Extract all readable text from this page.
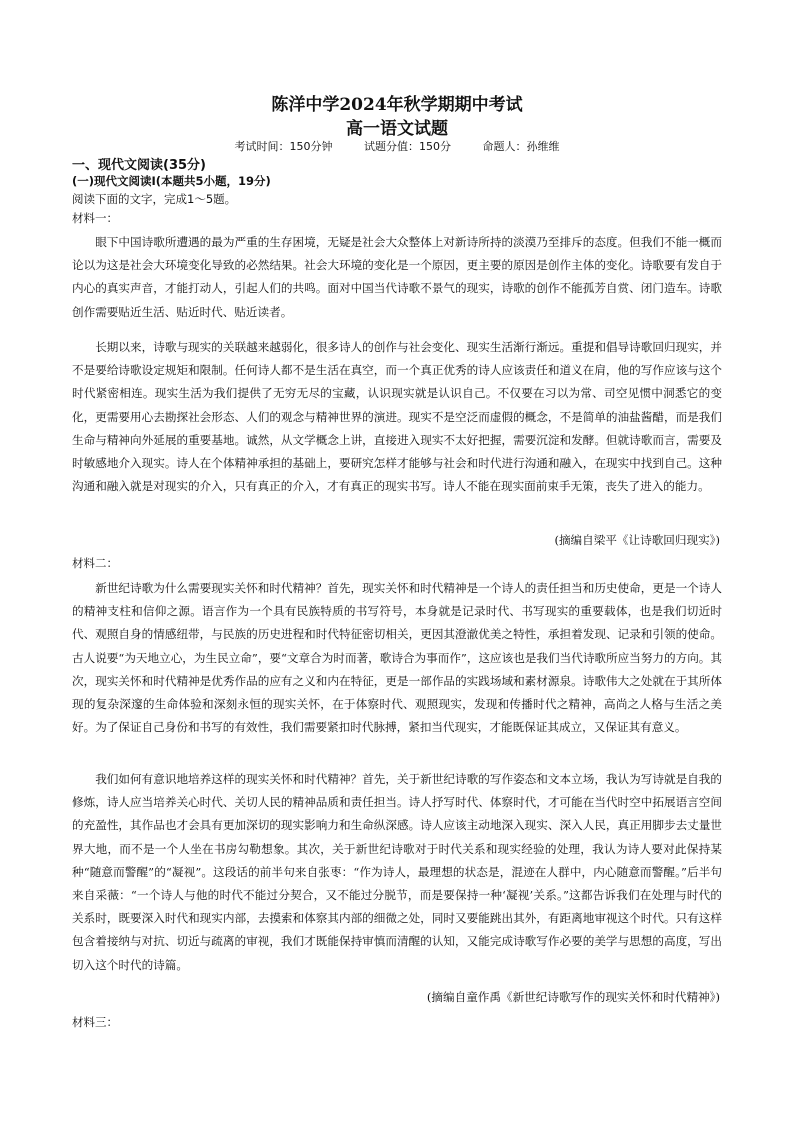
陈洋中学2024年秋学期期中考试
高一语文试题
考试时间：150分钟	试题分值：150分	命题人：孙维维
一、现代文阅读(35分)
(一)现代文阅读I(本题共5小题，19分)
阅读下面的文字，完成1～5题。
材料一：

眼下中国诗歌所遭遇的最为严重的生存困境，无疑是社会大众整体上对新诗所持的淡漠乃至排斥的态度。但我们不能一概而论以为这是社会大环境变化导致的必然结果。社会大环境的变化是一个原因，更主要的原因是创作主体的变化。诗歌要有发自于内心的真实声音，才能打动人，引起人们的共鸣。面对中国当代诗歌不景气的现实，诗歌的创作不能孤芳自赏、闭门造车。诗歌创作需要贴近生活、贴近时代、贴近读者。

长期以来，诗歌与现实的关联越来越弱化，很多诗人的创作与社会变化、现实生活渐行渐远。重提和倡导诗歌回归现实，并不是要给诗歌设定规矩和限制。任何诗人都不是生活在真空，而一个真正优秀的诗人应该责任和道义在肩，他的写作应该与这个时代紧密相连。现实生活为我们提供了无穷无尽的宝藏，认识现实就是认识自己。不仅要在习以为常、司空见惯中洞悉它的变化，更需要用心去勘探社会形态、人们的观念与精神世界的演进。现实不是空泛而虚假的概念，不是简单的油盐酱醋，而是我们生命与精神向外延展的重要基地。诚然，从文学概念上讲，直接进入现实不太好把握，需要沉淀和发酵。但就诗歌而言，需要及时敏感地介入现实。诗人在个体精神承担的基础上，要研究怎样才能够与社会和时代进行沟通和融入，在现实中找到自己。这种沟通和融入就是对现实的介入，只有真正的介入，才有真正的现实书写。诗人不能在现实面前束手无策，丧失了进入的能力。

(摘编自梁平《让诗歌回归现实》)
材料二：

新世纪诗歌为什么需要现实关怀和时代精神？首先，现实关怀和时代精神是一个诗人的责任担当和历史使命，更是一个诗人的精神支柱和信仰之源。语言作为一个具有民族特质的书写符号，本身就是记录时代、书写现实的重要载体，也是我们切近时代、观照自身的情感纽带，与民族的历史进程和时代特征密切相关，更因其澄澈优美之特性，承担着发现、记录和引领的使命。古人说要“为天地立心，为生民立命”，要“文章合为时而著，歌诗合为事而作”，这应该也是我们当代诗歌所应当努力的方向。其次，现实关怀和时代精神是优秀作品的应有之义和内在特征，更是一部作品的实践场域和素材源泉。诗歌伟大之处就在于其所体现的复杂深邃的生命体验和深刻永恒的现实关怀，在于体察时代、观照现实，发现和传播时代之精神，高尚之人格与生活之美好。为了保证自己身份和书写的有效性，我们需要紧扣时代脉搏，紧扣当代现实，才能既保证其成立，又保证其有意义。

我们如何有意识地培养这样的现实关怀和时代精神？首先，关于新世纪诗歌的写作姿态和文本立场，我认为写诗就是自我的修炼，诗人应当培养关心时代、关切人民的精神品质和责任担当。诗人抒写时代、体察时代，才可能在当代时空中拓展语言空间的充盈性，其作品也才会具有更加深切的现实影响力和生命纵深感。诗人应该主动地深入现实、深入人民，真正用脚步去丈量世界大地，而不是一个人坐在书房勾勒想象。其次，关于新世纪诗歌对于时代关系和现实经验的处理，我认为诗人要对此保持某种“随意而警醒”的“凝视”。这段话的前半句来自张枣：“作为诗人，最理想的状态是，混迹在人群中，内心随意而警醒。”后半句来自采薇：“一个诗人与他的时代不能过分契合，又不能过分脱节，而是要保持一种‘凝视’关系。”这都告诉我们在处理与时代的关系时，既要深入时代和现实内部，去摸索和体察其内部的细微之处，同时又要能跳出其外，有距离地审视这个时代。只有这样包含着接纳与对抗、切近与疏离的审视，我们才既能保持审慎而清醒的认知，又能完成诗歌写作必要的美学与思想的高度，写出切入这个时代的诗篇。

(摘编自童作禹《新世纪诗歌写作的现实关怀和时代精神》)
材料三：
